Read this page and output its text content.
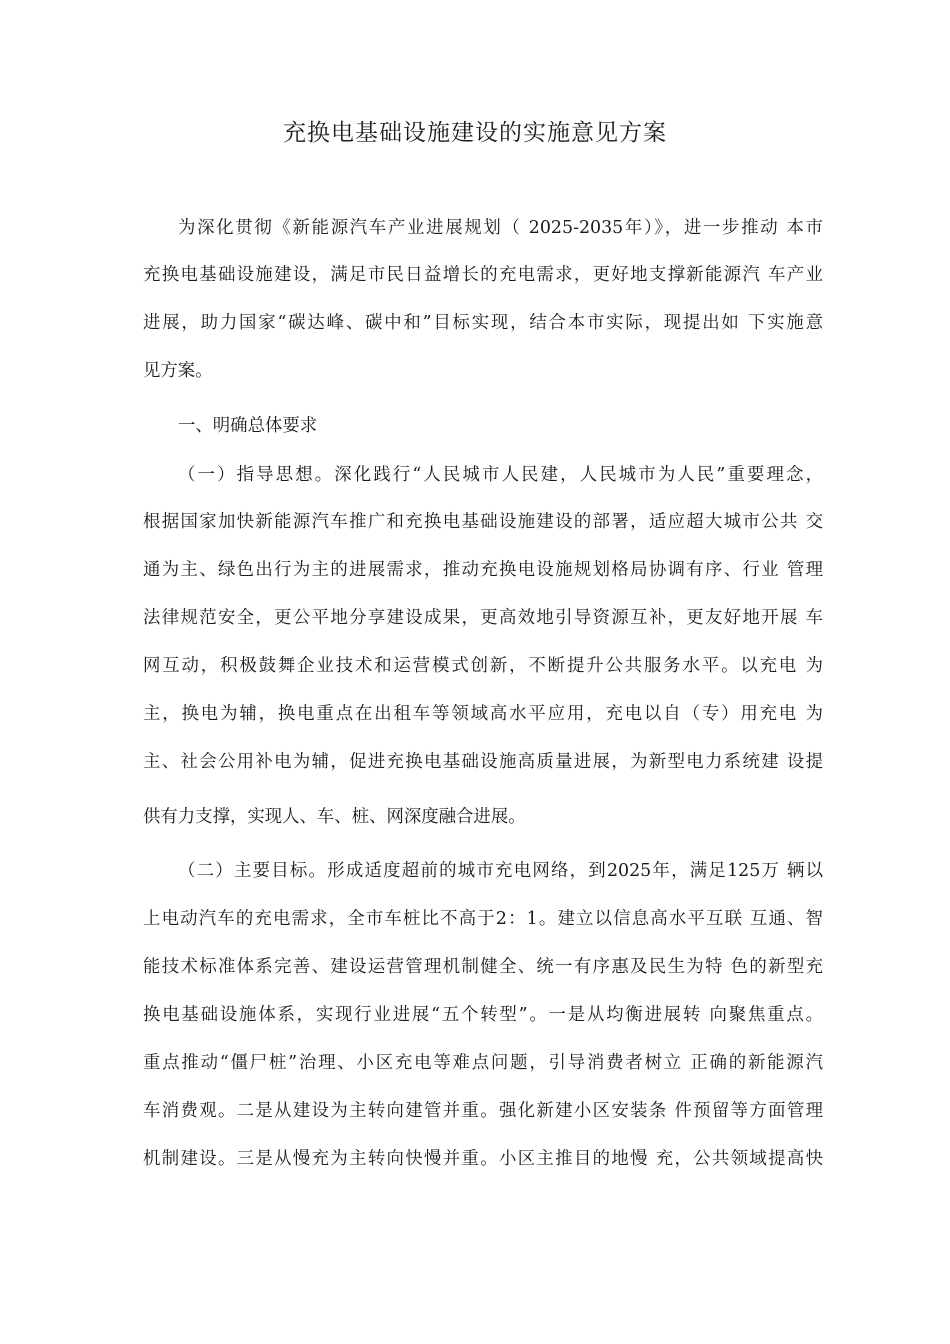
充换电基础设施建设的实施意见方案

为深化贯彻《新能源汽车产业进展规划（ 2025-2035年）》，进一步推动 本市

充换电基础设施建设，满足市民日益增长的充电需求，更好地支撑新能源汽 车产业

进展，助力国家“碳达峰、碳中和”目标实现，结合本市实际，现提出如 下实施意

见方案。

一、明确总体要求

（一）指导思想。深化践行“人民城市人民建，人民城市为人民”重要理念，

根据国家加快新能源汽车推广和充换电基础设施建设的部署，适应超大城市公共 交

通为主、绿色出行为主的进展需求，推动充换电设施规划格局协调有序、行业 管理

法律规范安全，更公平地分享建设成果，更高效地引导资源互补，更友好地开展 车

网互动，积极鼓舞企业技术和运营模式创新，不断提升公共服务水平。以充电 为

主，换电为辅，换电重点在出租车等领域高水平应用，充电以自（专）用充电 为

主、社会公用补电为辅，促进充换电基础设施高质量进展，为新型电力系统建 设提

供有力支撑，实现人、车、桩、网深度融合进展。

（二）主要目标。形成适度超前的城市充电网络，到2025年，满足125万 辆以

上电动汽车的充电需求，全市车桩比不高于2：1。建立以信息高水平互联 互通、智

能技术标准体系完善、建设运营管理机制健全、统一有序惠及民生为特 色的新型充

换电基础设施体系，实现行业进展“五个转型”。一是从均衡进展转 向聚焦重点。

重点推动“僵尸桩”治理、小区充电等难点问题，引导消费者树立 正确的新能源汽

车消费观。二是从建设为主转向建管并重。强化新建小区安装条 件预留等方面管理

机制建设。三是从慢充为主转向快慢并重。小区主推目的地慢 充，公共领域提高快
